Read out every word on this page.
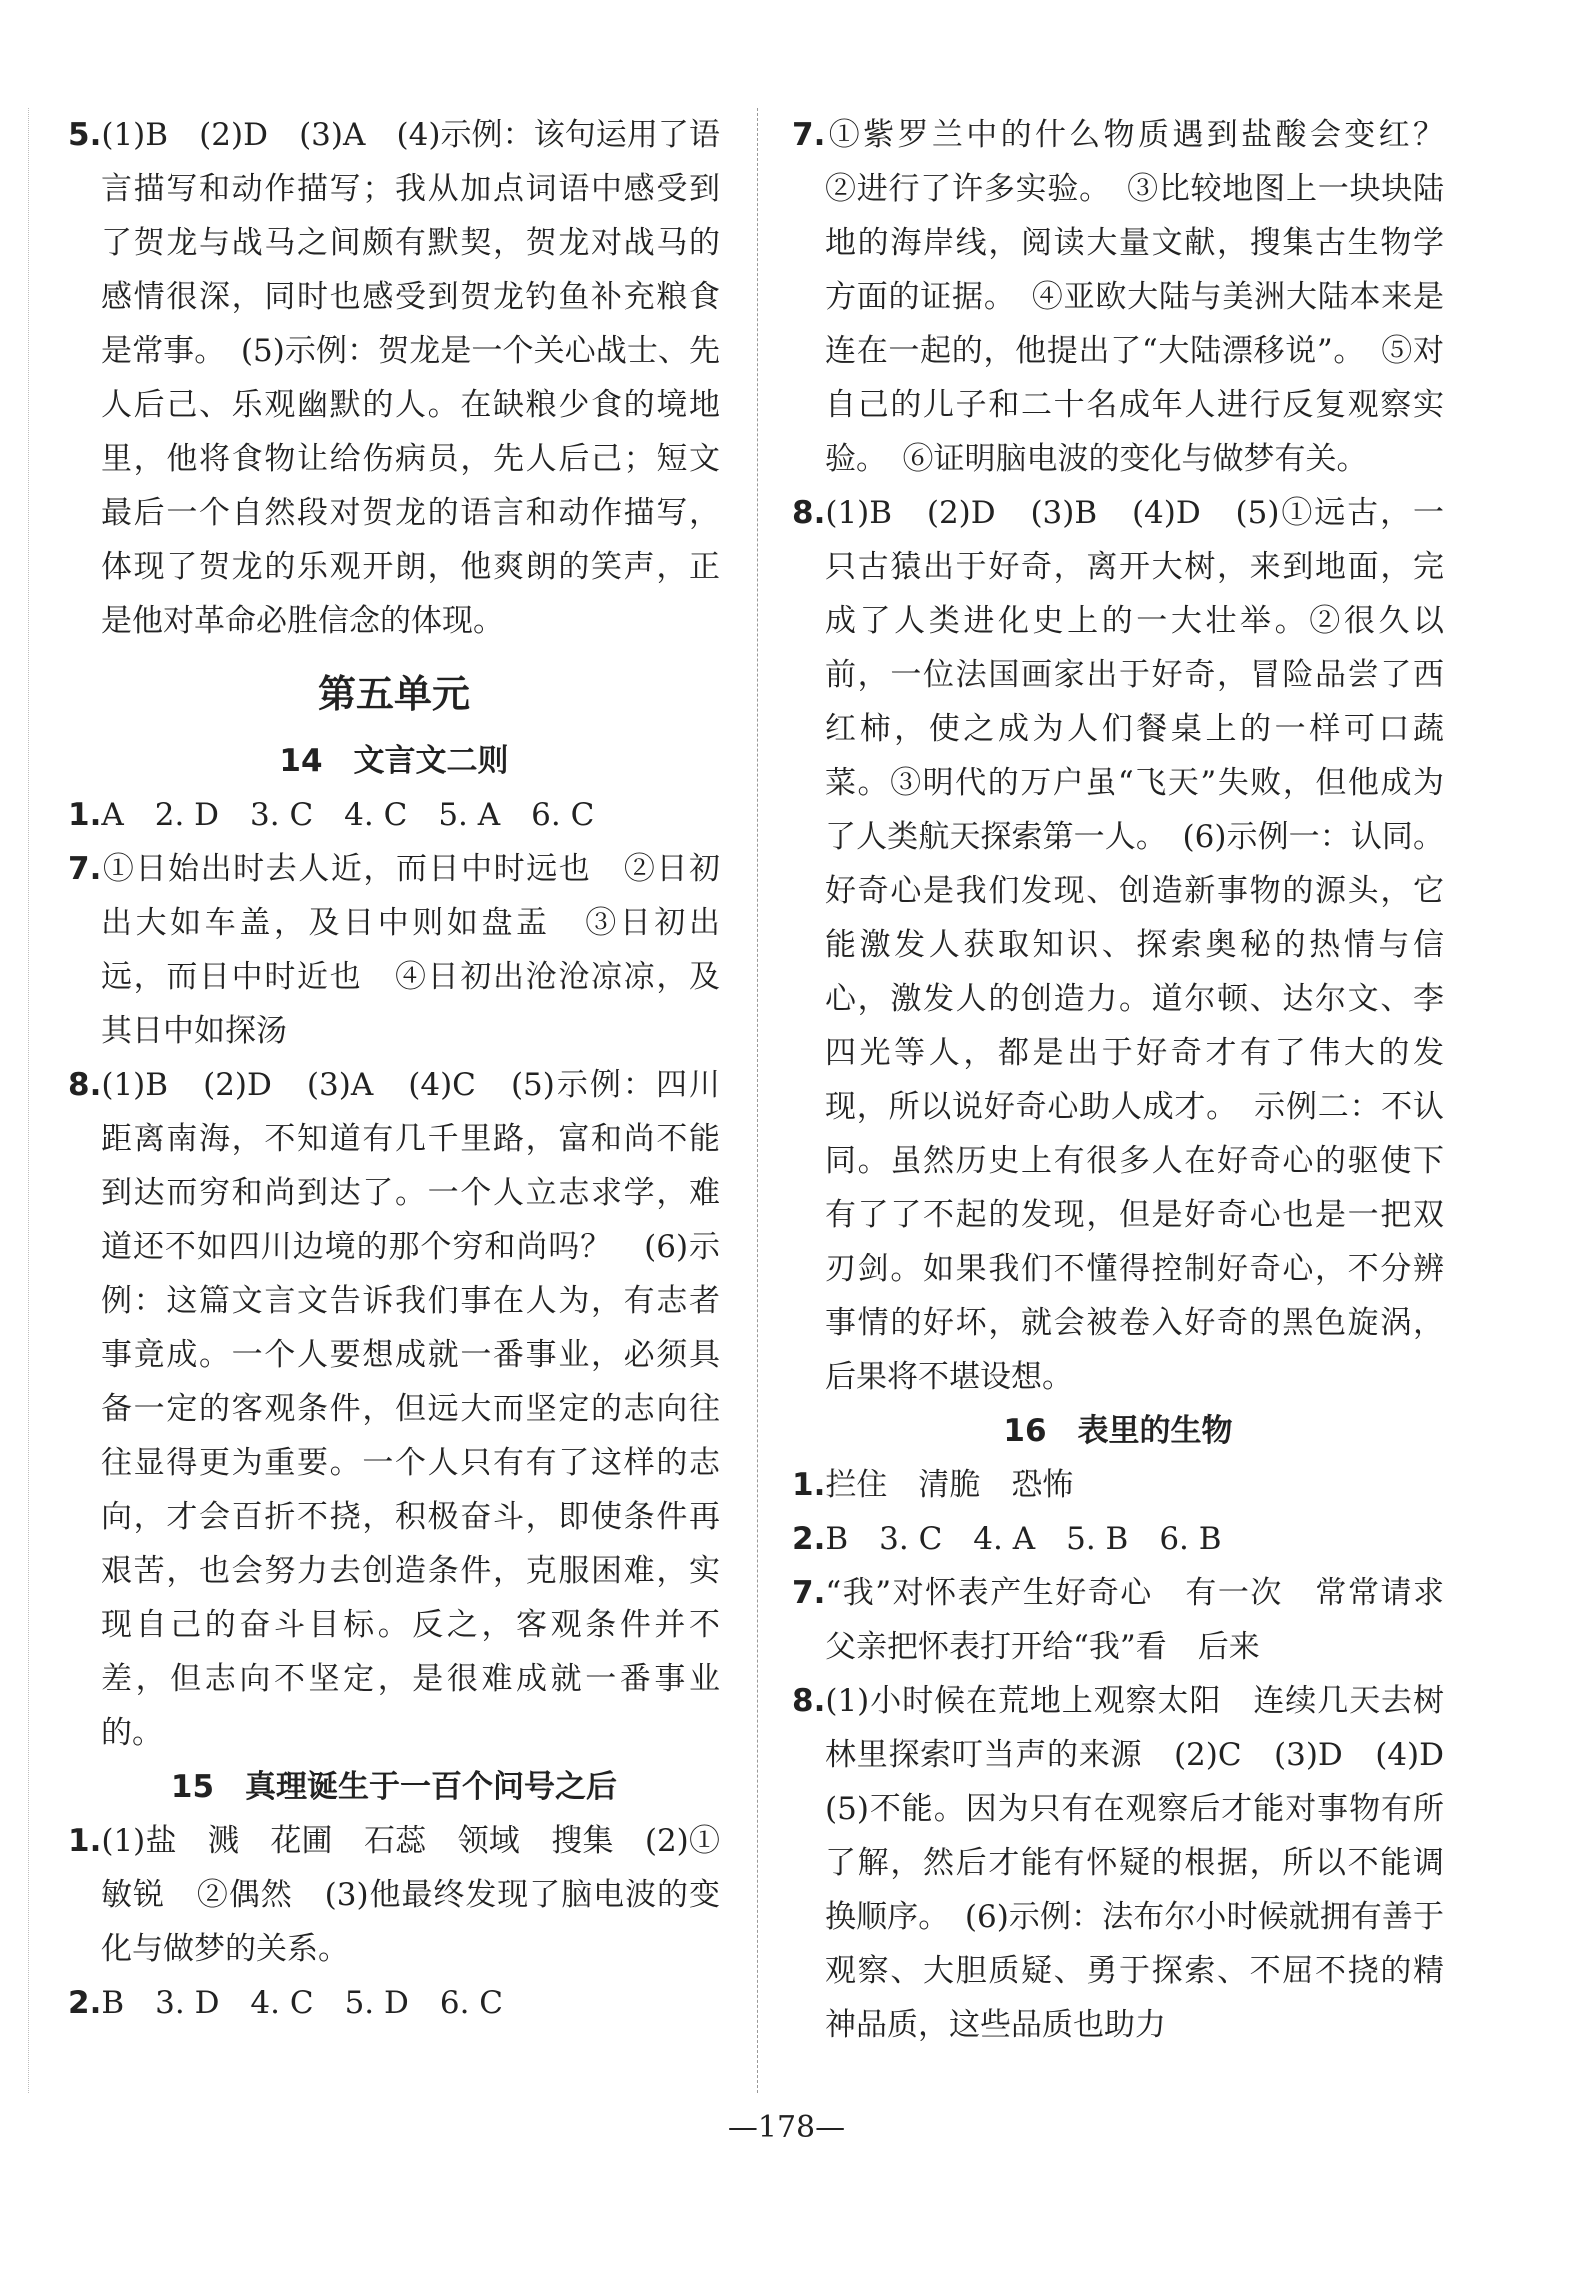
5.(1)B　(2)D　(3)A　(4)示例：该句运用了语言描写和动作描写；我从加点词语中感受到了贺龙与战马之间颇有默契，贺龙对战马的感情很深，同时也感受到贺龙钓鱼补充粮食是常事。　(5)示例：贺龙是一个关心战士、先人后己、乐观幽默的人。在缺粮少食的境地里，他将食物让给伤病员，先人后己；短文最后一个自然段对贺龙的语言和动作描写，体现了贺龙的乐观开朗，他爽朗的笑声，正是他对革命必胜信念的体现。

第五单元
14　文言文二则

1.A　2. D　3. C　4. C　5. A　6. C

7.①日始出时去人近，而日中时远也　②日初出大如车盖，及日中则如盘盂　③日初出远，而日中时近也　④日初出沧沧凉凉，及其日中如探汤

8.(1)B　(2)D　(3)A　(4)C　(5)示例：四川距离南海，不知道有几千里路，富和尚不能到达而穷和尚到达了。一个人立志求学，难道还不如四川边境的那个穷和尚吗？　(6)示例：这篇文言文告诉我们事在人为，有志者事竟成。一个人要想成就一番事业，必须具备一定的客观条件，但远大而坚定的志向往往显得更为重要。一个人只有有了这样的志向，才会百折不挠，积极奋斗，即使条件再艰苦，也会努力去创造条件，克服困难，实现自己的奋斗目标。反之，客观条件并不差，但志向不坚定，是很难成就一番事业的。

15　真理诞生于一百个问号之后

1.(1)盐　溅　花圃　石蕊　领域　搜集　(2)①敏锐　②偶然　(3)他最终发现了脑电波的变化与做梦的关系。

2.B　3. D　4. C　5. D　6. C

7.①紫罗兰中的什么物质遇到盐酸会变红？　②进行了许多实验。　③比较地图上一块块陆地的海岸线，阅读大量文献，搜集古生物学方面的证据。　④亚欧大陆与美洲大陆本来是连在一起的，他提出了“大陆漂移说”。　⑤对自己的儿子和二十名成年人进行反复观察实验。　⑥证明脑电波的变化与做梦有关。

8.(1)B　(2)D　(3)B　(4)D　(5)①远古，一只古猿出于好奇，离开大树，来到地面，完成了人类进化史上的一大壮举。②很久以前，一位法国画家出于好奇，冒险品尝了西红柿，使之成为人们餐桌上的一样可口蔬菜。③明代的万户虽“飞天”失败，但他成为了人类航天探索第一人。　(6)示例一：认同。好奇心是我们发现、创造新事物的源头，它能激发人获取知识、探索奥秘的热情与信心，激发人的创造力。道尔顿、达尔文、李四光等人，都是出于好奇才有了伟大的发现，所以说好奇心助人成才。　示例二：不认同。虽然历史上有很多人在好奇心的驱使下有了了不起的发现，但是好奇心也是一把双刃剑。如果我们不懂得控制好奇心，不分辨事情的好坏，就会被卷入好奇的黑色旋涡，后果将不堪设想。

16　表里的生物

1.拦住　清脆　恐怖

2.B　3. C　4. A　5. B　6. B

7.“我”对怀表产生好奇心　有一次　常常请求父亲把怀表打开给“我”看　后来

8.(1)小时候在荒地上观察太阳　连续几天去树林里探索叮当声的来源　(2)C　(3)D　(4)D　(5)不能。因为只有在观察后才能对事物有所了解，然后才能有怀疑的根据，所以不能调换顺序。　(6)示例：法布尔小时候就拥有善于观察、大胆质疑、勇于探索、不屈不挠的精神品质，这些品质也助力

—178—
